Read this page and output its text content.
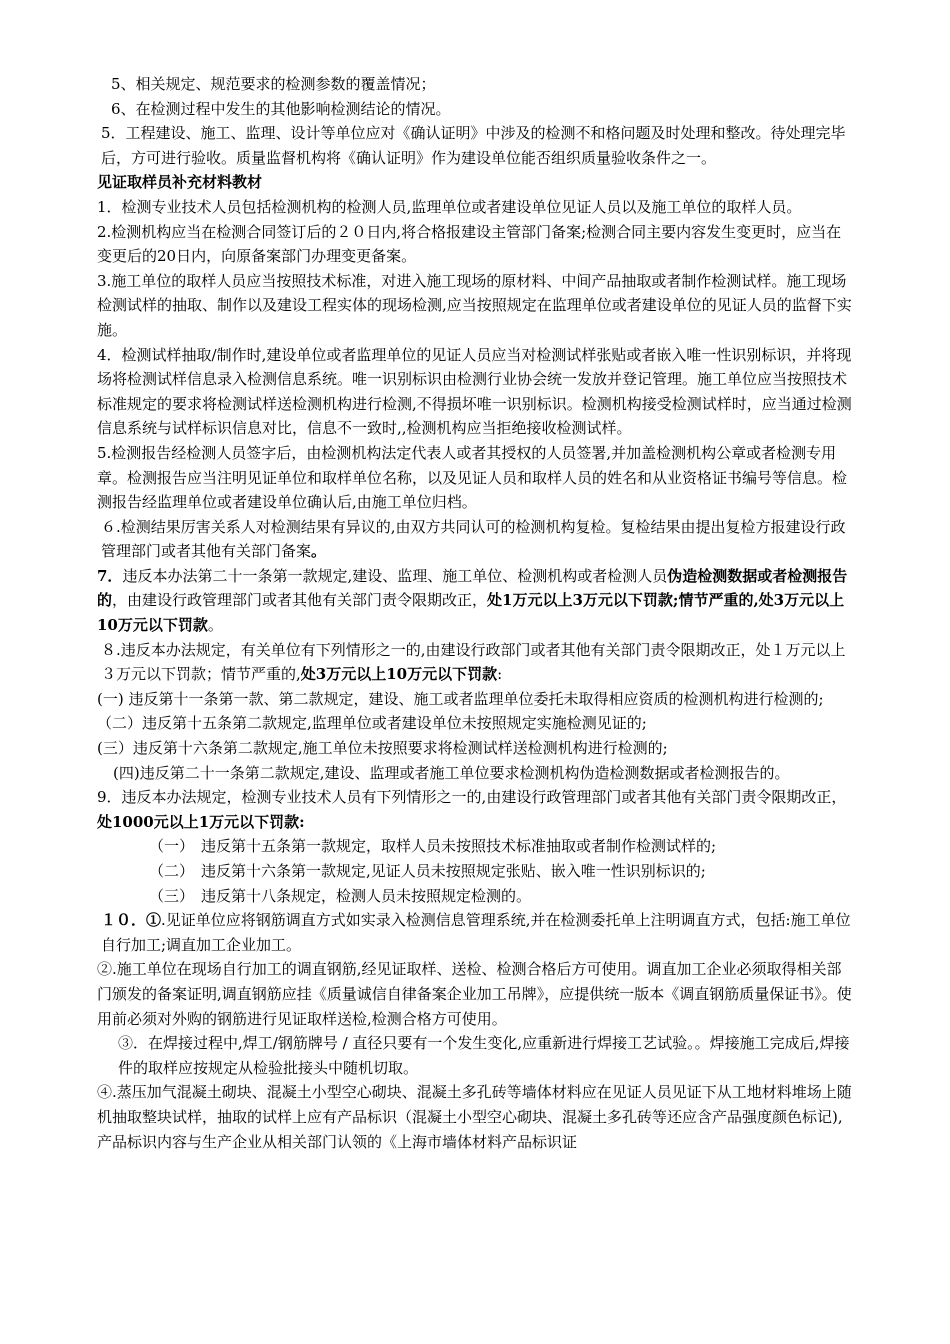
5、相关规定、规范要求的检测参数的覆盖情况；

6、在检测过程中发生的其他影响检测结论的情况。

5．工程建设、施工、监理、设计等单位应对《确认证明》中涉及的检测不和格问题及时处理和整改。待处理完毕后，方可进行验收。质量监督机构将《确认证明》作为建设单位能否组织质量验收条件之一。

见证取样员补充材料教材

1．检测专业技术人员包括检测机构的检测人员,监理单位或者建设单位见证人员以及施工单位的取样人员。

2.检测机构应当在检测合同签订后的２０日内,将合格报建设主管部门备案;检测合同主要内容发生变更时，应当在变更后的20日内，向原备案部门办理变更备案。

3.施工单位的取样人员应当按照技术标准，对进入施工现场的原材料、中间产品抽取或者制作检测试样。施工现场检测试样的抽取、制作以及建设工程实体的现场检测,应当按照规定在监理单位或者建设单位的见证人员的监督下实施。

4．检测试样抽取/制作时,建设单位或者监理单位的见证人员应当对检测试样张贴或者嵌入唯一性识别标识，并将现场将检测试样信息录入检测信息系统。唯一识别标识由检测行业协会统一发放并登记管理。施工单位应当按照技术标准规定的要求将检测试样送检测机构进行检测,不得损坏唯一识别标识。检测机构接受检测试样时，应当通过检测信息系统与试样标识信息对比，信息不一致时,,检测机构应当拒绝接收检测试样。

5.检测报告经检测人员签字后，由检测机构法定代表人或者其授权的人员签署,并加盖检测机构公章或者检测专用章。检测报告应当注明见证单位和取样单位名称，以及见证人员和取样人员的姓名和从业资格证书编号等信息。检测报告经监理单位或者建设单位确认后,由施工单位归档。

６.检测结果厉害关系人对检测结果有异议的,由双方共同认可的检测机构复检。复检结果由提出复检方报建设行政管理部门或者其他有关部门备案。

7．违反本办法第二十一条第一款规定,建设、监理、施工单位、检测机构或者检测人员伪造检测数据或者检测报告的，由建设行政管理部门或者其他有关部门责令限期改正，处1万元以上3万元以下罚款;情节严重的,处3万元以上10万元以下罚款。

８.违反本办法规定，有关单位有下列情形之一的,由建设行政部门或者其他有关部门责令限期改正，处１万元以上３万元以下罚款；情节严重的,处3万元以上10万元以下罚款:

(一) 违反第十一条第一款、第二款规定，建设、施工或者监理单位委托未取得相应资质的检测机构进行检测的;

（二）违反第十五条第二款规定,监理单位或者建设单位未按照规定实施检测见证的;

(三）违反第十六条第二款规定,施工单位未按照要求将检测试样送检测机构进行检测的;

(四)违反第二十一条第二款规定,建设、监理或者施工单位要求检测机构伪造检测数据或者检测报告的。

9．违反本办法规定，检测专业技术人员有下列情形之一的,由建设行政管理部门或者其他有关部门责令限期改正，处1000元以上1万元以下罚款:

（一） 违反第十五条第一款规定，取样人员未按照技术标准抽取或者制作检测试样的;
（二） 违反第十六条第一款规定,见证人员未按照规定张贴、嵌入唯一性识别标识的;
（三） 违反第十八条规定，检测人员未按照规定检测的。

１０．①.见证单位应将钢筋调直方式如实录入检测信息管理系统,并在检测委托单上注明调直方式，包括:施工单位自行加工;调直加工企业加工。

②.施工单位在现场自行加工的调直钢筋,经见证取样、送检、检测合格后方可使用。调直加工企业必须取得相关部门颁发的备案证明,调直钢筋应挂《质量诚信自律备案企业加工吊牌》，应提供统一版本《调直钢筋质量保证书》。使用前必须对外购的钢筋进行见证取样送检,检测合格方可使用。

③．在焊接过程中,焊工/钢筋牌号 / 直径只要有一个发生变化,应重新进行焊接工艺试验。。焊接施工完成后,焊接件的取样应按规定从检验批接头中随机切取。

④.蒸压加气混凝土砌块、混凝土小型空心砌块、混凝土多孔砖等墙体材料应在见证人员见证下从工地材料堆场上随机抽取整块试样，抽取的试样上应有产品标识（混凝土小型空心砌块、混凝土多孔砖等还应含产品强度颜色标记),产品标识内容与生产企业从相关部门认领的《上海市墙体材料产品标识证
